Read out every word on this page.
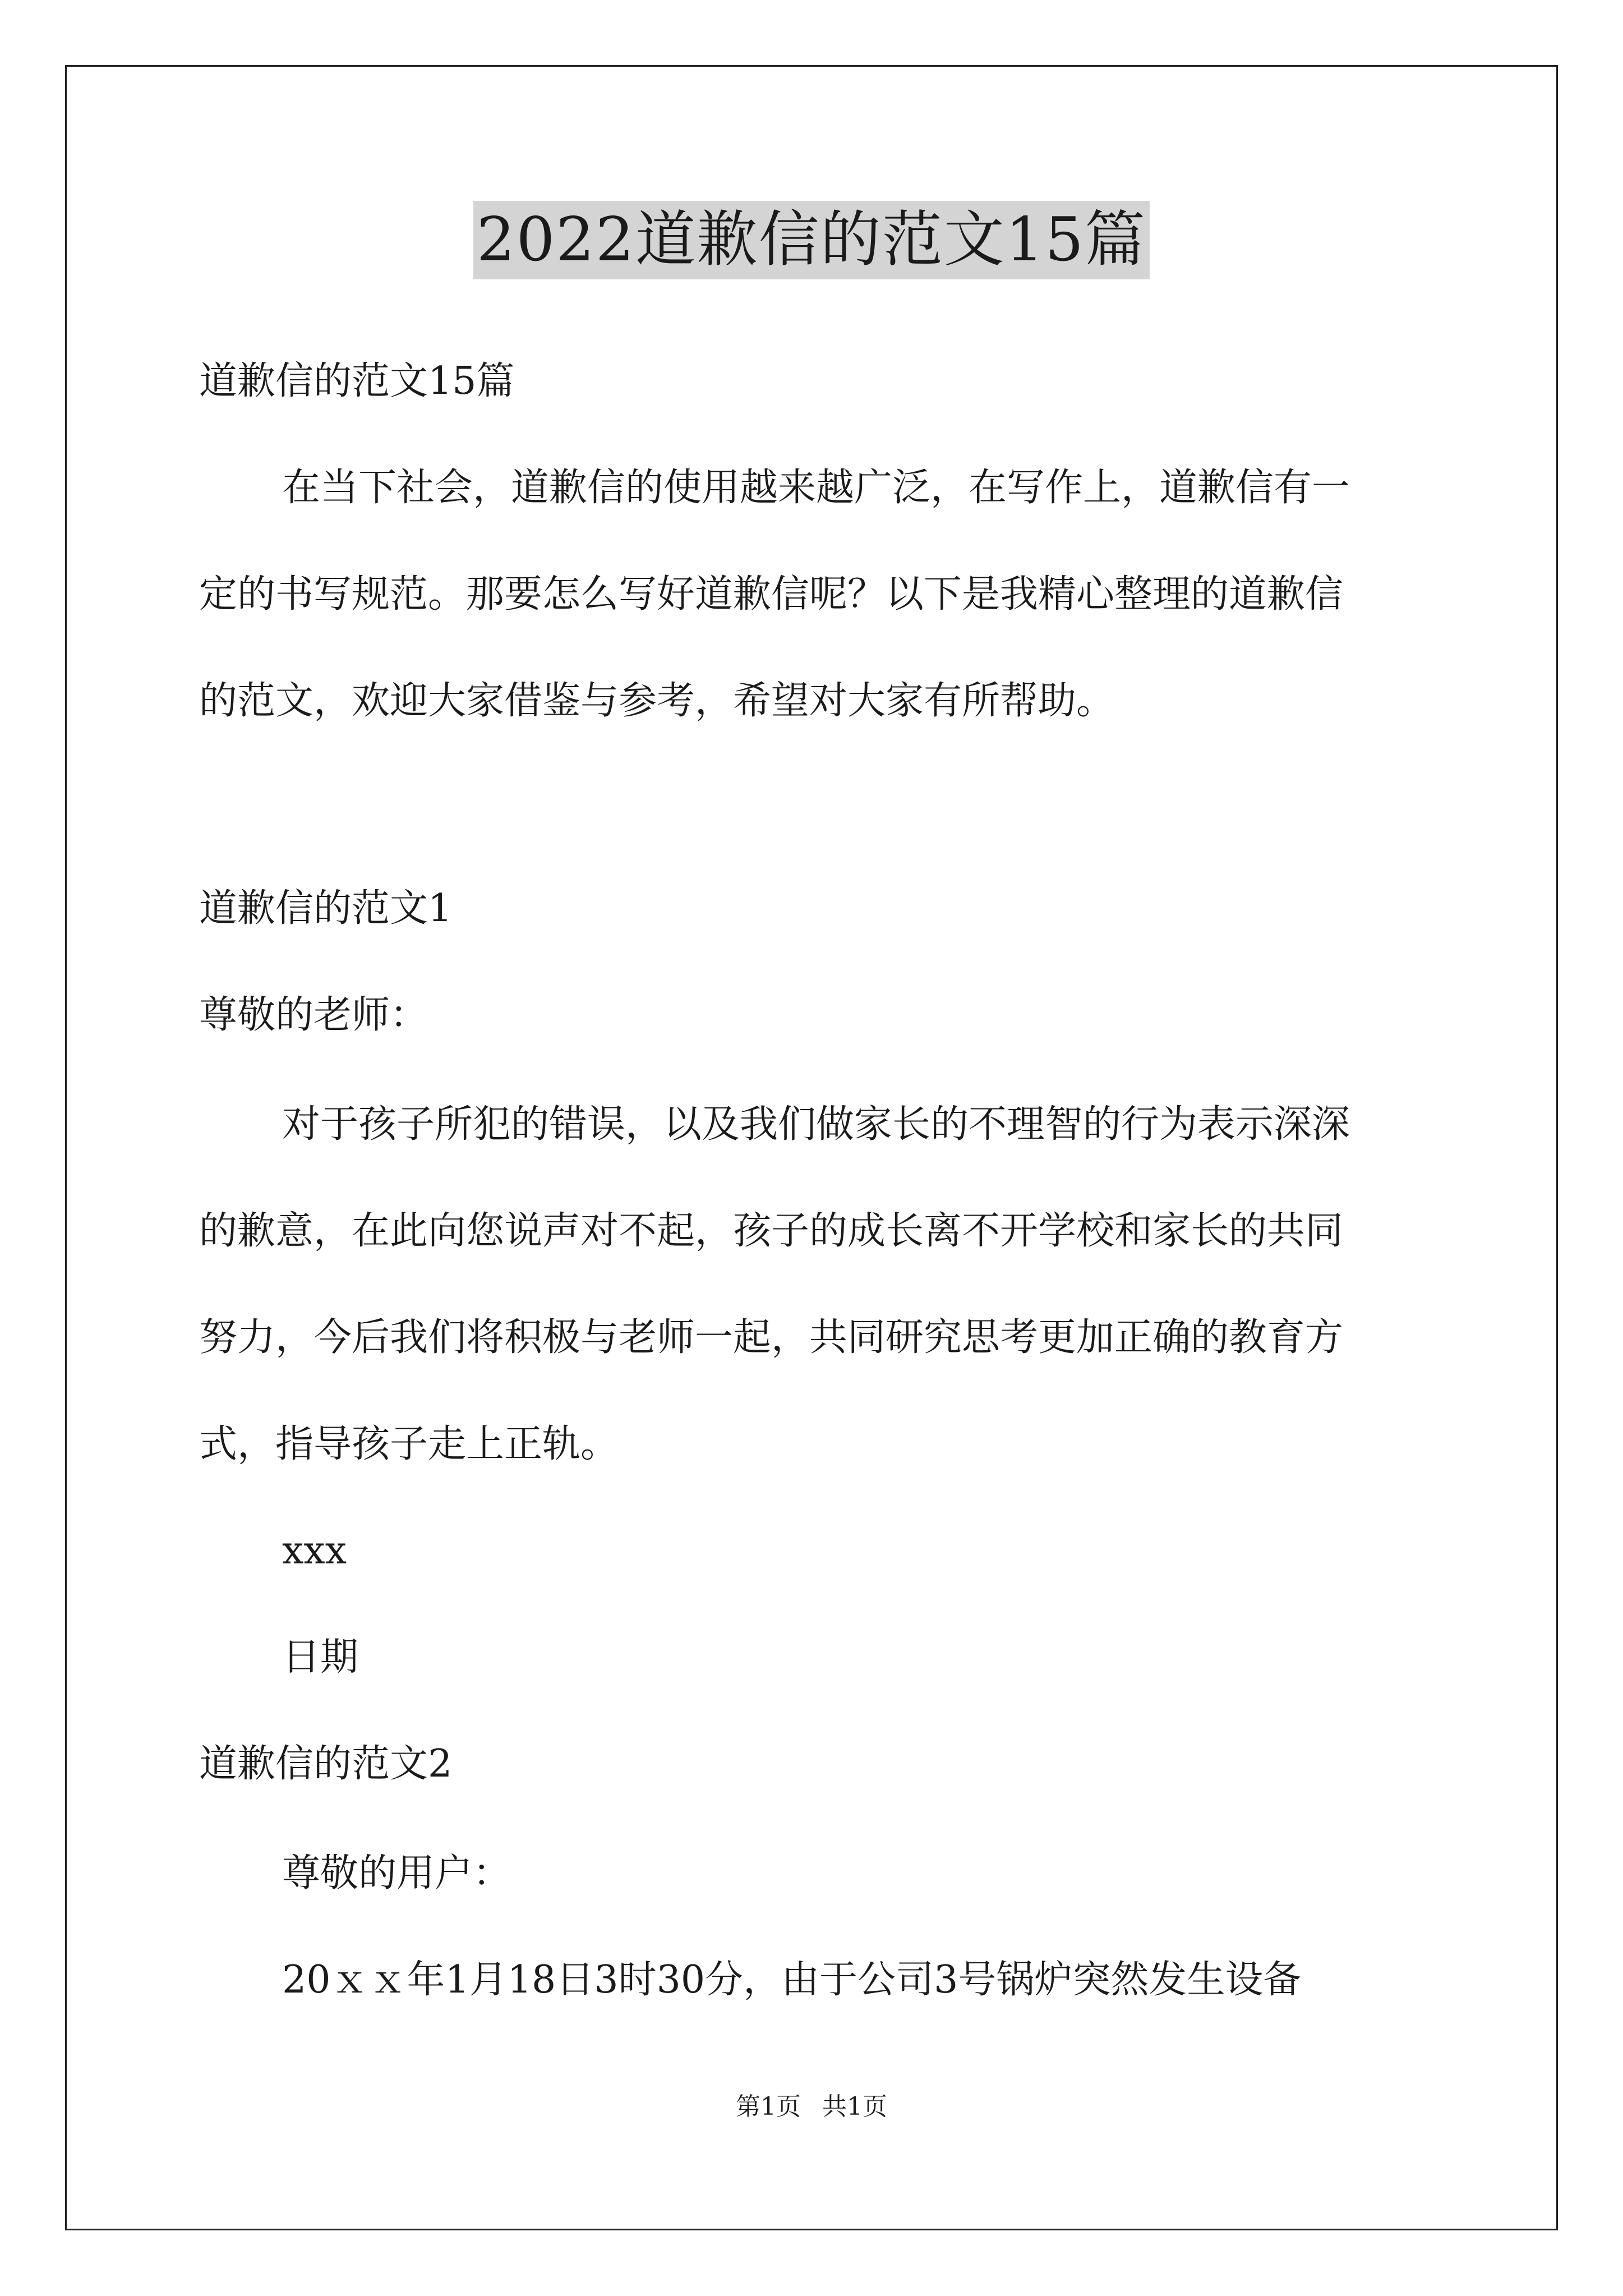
2022道歉信的范文15篇
道歉信的范文15篇
在当下社会，道歉信的使用越来越广泛，在写作上，道歉信有一
定的书写规范。那要怎么写好道歉信呢？以下是我精心整理的道歉信
的范文，欢迎大家借鉴与参考，希望对大家有所帮助。
道歉信的范文1
尊敬的老师：
对于孩子所犯的错误，以及我们做家长的不理智的行为表示深深
的歉意，在此向您说声对不起，孩子的成长离不开学校和家长的共同
努力，今后我们将积极与老师一起，共同研究思考更加正确的教育方
式，指导孩子走上正轨。
xxx
日期
道歉信的范文2
尊敬的用户：
20ｘｘ年1月18日3时30分，由于公司3号锅炉突然发生设备
第1页 共1页
